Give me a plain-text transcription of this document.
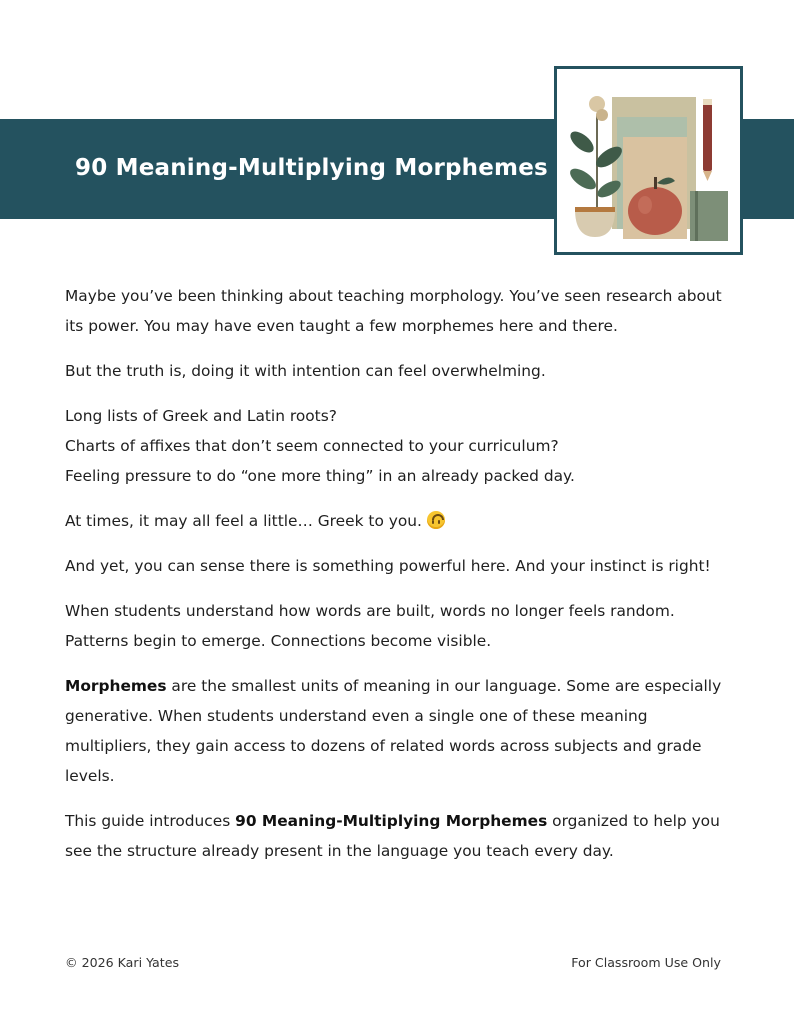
90 Meaning-Multiplying Morphemes

Maybe you’ve been thinking about teaching morphology. You’ve seen research about its power. You may have even taught a few morphemes here and there.

But the truth is, doing it with intention can feel overwhelming.

Long lists of Greek and Latin roots?
Charts of affixes that don’t seem connected to your curriculum?
Feeling pressure to do “one more thing” in an already packed day.

At times, it may all feel a little… Greek to you.

And yet, you can sense there is something powerful here. And your instinct is right!

When students understand how words are built, words no longer feels random. Patterns begin to emerge. Connections become visible.

Morphemes are the smallest units of meaning in our language. Some are especially generative. When students understand even a single one of these meaning multipliers, they gain access to dozens of related words across subjects and grade levels.

This guide introduces 90 Meaning-Multiplying Morphemes organized to help you see the structure already present in the language you teach every day.

© 2026 Kari Yates	For Classroom Use Only
